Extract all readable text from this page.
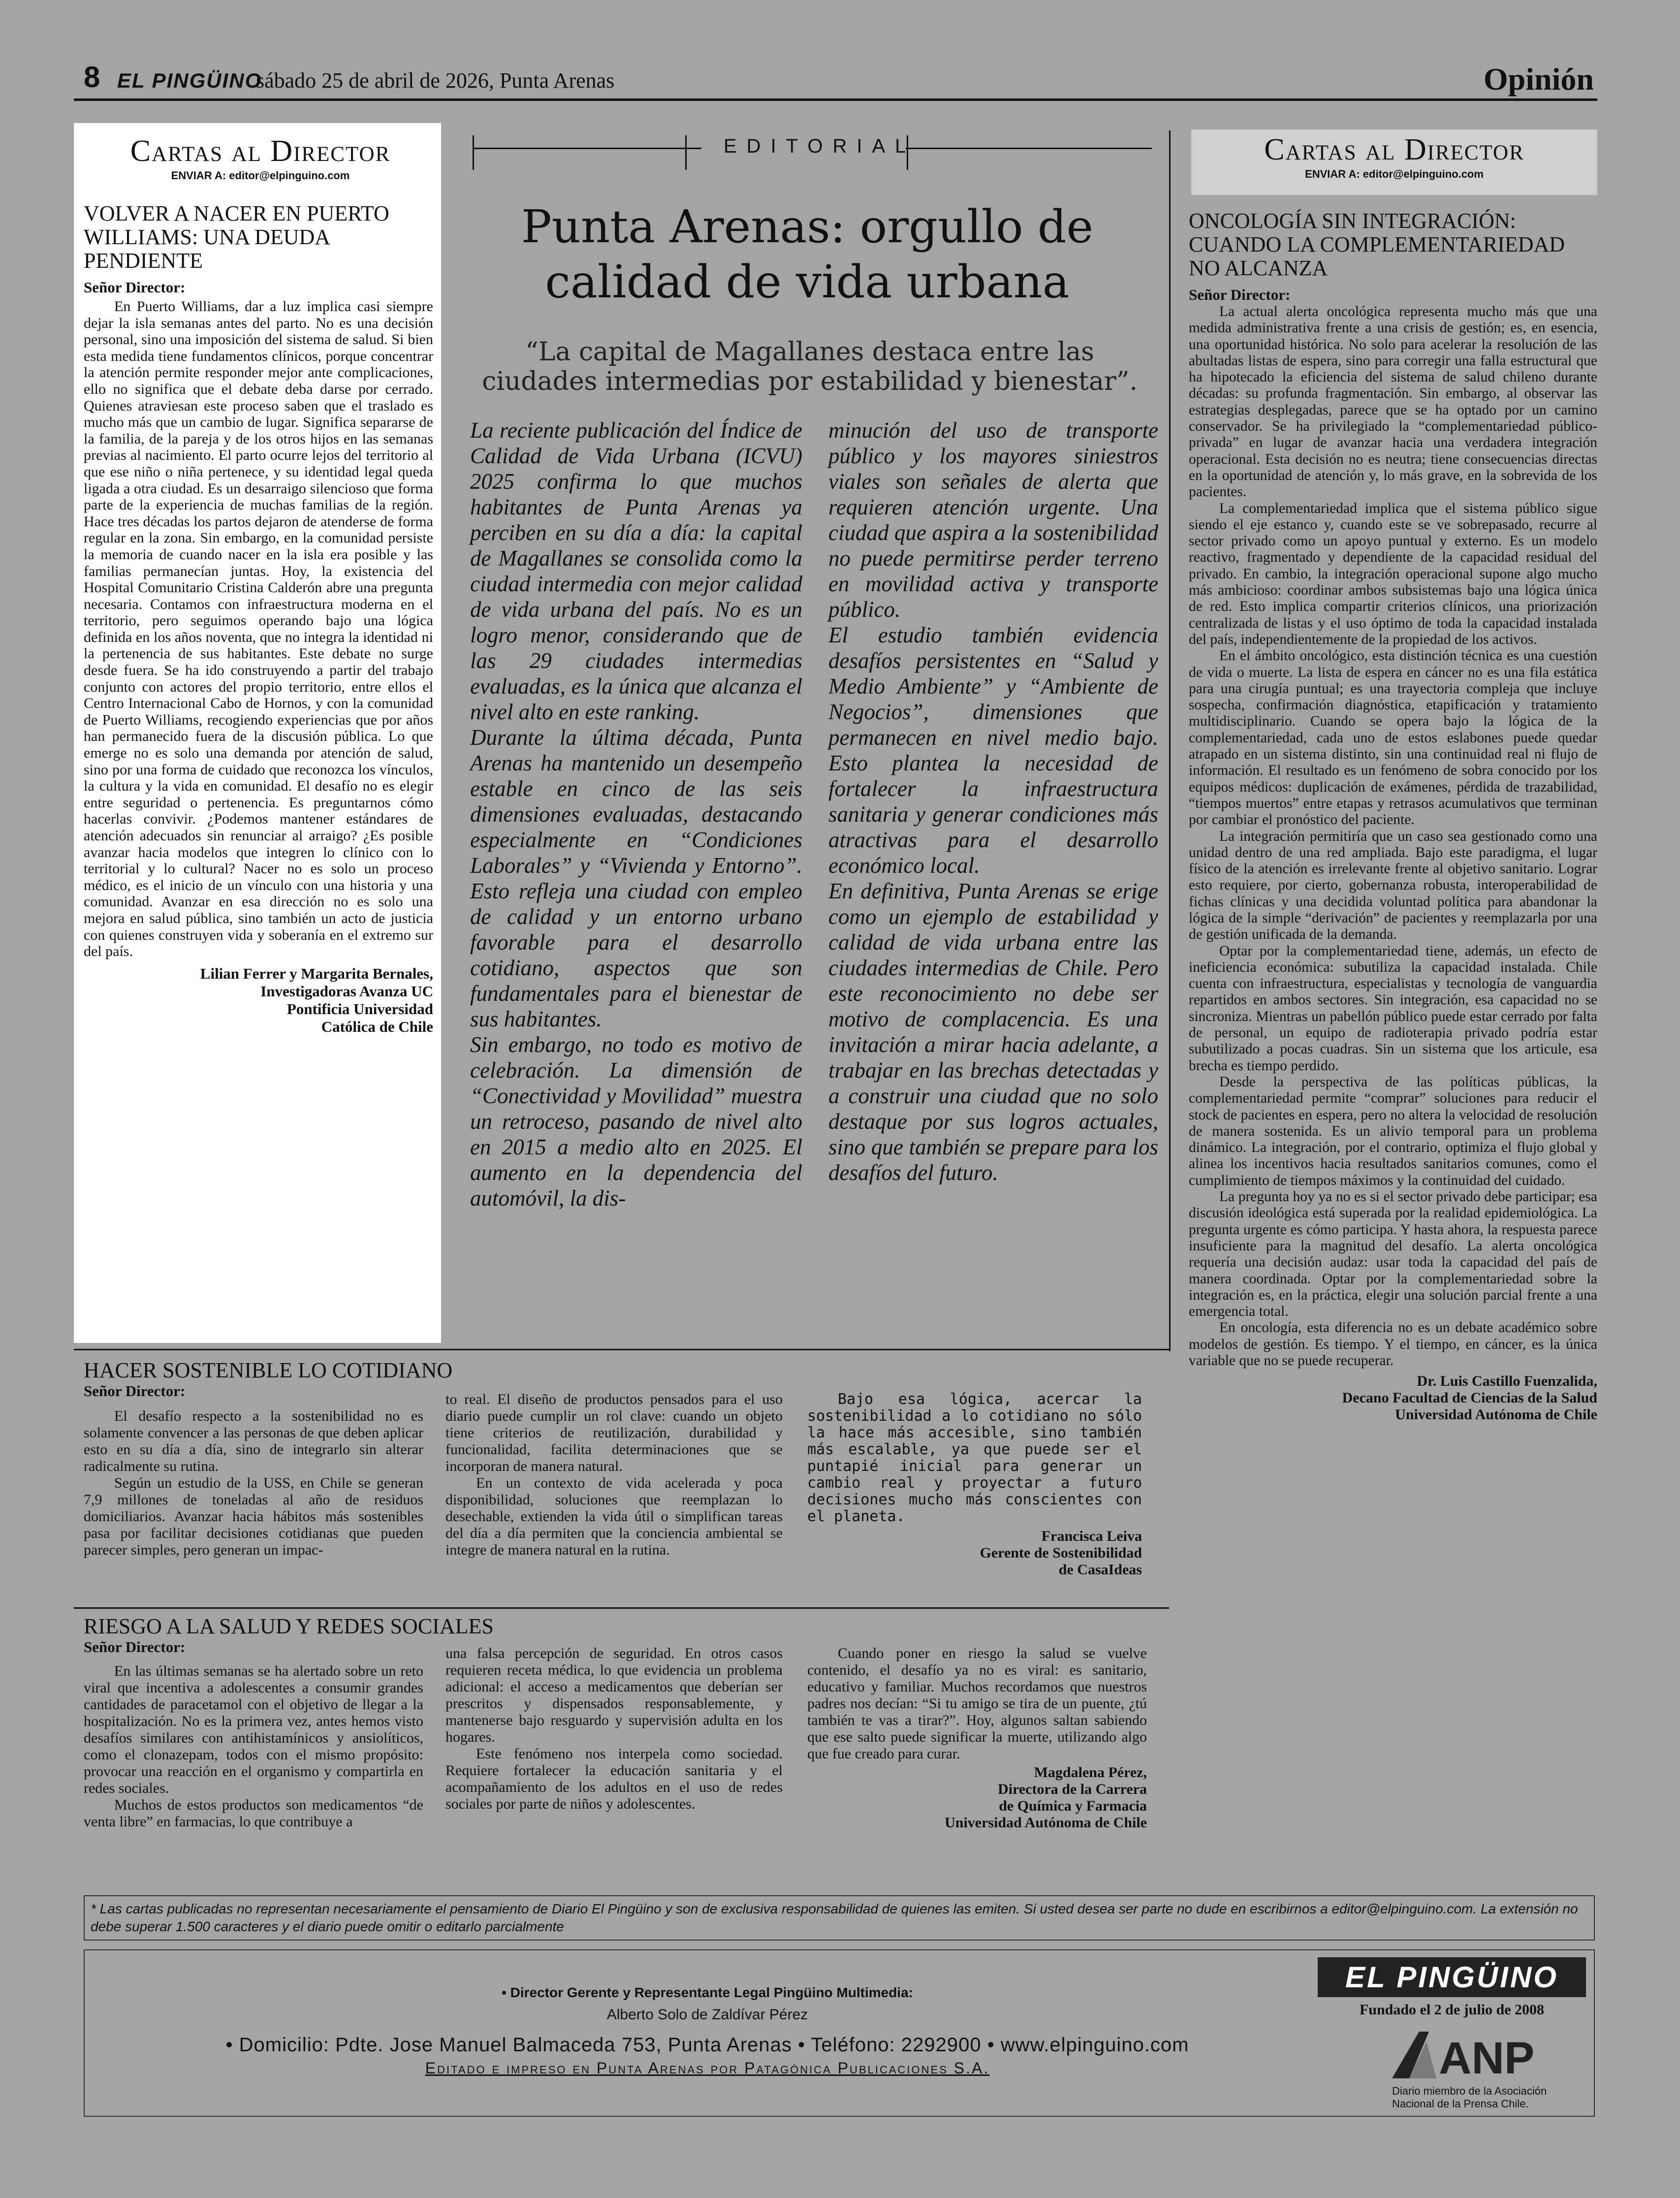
8 EL PINGÜINO
sábado 25 de abril de 2026, Punta Arenas	Opinión
Cartas al Director
ENVIAR A: editor@elpinguino.com
VOLVER A NACER EN PUERTO WILLIAMS: UNA DEUDA PENDIENTE
Señor Director:
En Puerto Williams, dar a luz implica casi siempre dejar la isla semanas antes del parto. No es una decisión personal, sino una imposición del sistema de salud. Si bien esta medida tiene fundamentos clínicos, porque concentrar la atención permite responder mejor ante complicaciones, ello no significa que el debate deba darse por cerrado. Quienes atraviesan este proceso saben que el traslado es mucho más que un cambio de lugar. Significa separarse de la familia, de la pareja y de los otros hijos en las semanas previas al nacimiento. El parto ocurre lejos del territorio al que ese niño o niña pertenece, y su identidad legal queda ligada a otra ciudad. Es un desarraigo silencioso que forma parte de la experiencia de muchas familias de la región. Hace tres décadas los partos dejaron de atenderse de forma regular en la zona. Sin embargo, en la comunidad persiste la memoria de cuando nacer en la isla era posible y las familias permanecían juntas. Hoy, la existencia del Hospital Comunitario Cristina Calderón abre una pregunta necesaria. Contamos con infraestructura moderna en el territorio, pero seguimos operando bajo una lógica definida en los años noventa, que no integra la identidad ni la pertenencia de sus habitantes. Este debate no surge desde fuera. Se ha ido construyendo a partir del trabajo conjunto con actores del propio territorio, entre ellos el Centro Internacional Cabo de Hornos, y con la comunidad de Puerto Williams, recogiendo experiencias que por años han permanecido fuera de la discusión pública. Lo que emerge no es solo una demanda por atención de salud, sino por una forma de cuidado que reconozca los vínculos, la cultura y la vida en comunidad. El desafío no es elegir entre seguridad o pertenencia. Es preguntarnos cómo hacerlas convivir. ¿Podemos mantener estándares de atención adecuados sin renunciar al arraigo? ¿Es posible avanzar hacia modelos que integren lo clínico con lo territorial y lo cultural? Nacer no es solo un proceso médico, es el inicio de un vínculo con una historia y una comunidad. Avanzar en esa dirección no es solo una mejora en salud pública, sino también un acto de justicia con quienes construyen vida y soberanía en el extremo sur del país.
Lilian Ferrer y Margarita Bernales,
Investigadoras Avanza UC
Pontificia Universidad
Católica de Chile
EDITORIAL
Punta Arenas: orgullo de calidad de vida urbana
“La capital de Magallanes destaca entre las ciudades intermedias por estabilidad y bienestar”.

La reciente publicación del Índice de Calidad de Vida Urbana (ICVU) 2025 confirma lo que muchos habitantes de Punta Arenas ya perciben en su día a día: la capital de Magallanes se consolida como la ciudad intermedia con mejor calidad de vida urbana del país. No es un logro menor, considerando que de las 29 ciudades intermedias evaluadas, es la única que alcanza el nivel alto en este ranking.

Durante la última década, Punta Arenas ha mantenido un desempeño estable en cinco de las seis dimensiones evaluadas, destacando especialmente en “Condiciones Laborales” y “Vivienda y Entorno”. Esto refleja una ciudad con empleo de calidad y un entorno urbano favorable para el desarrollo cotidiano, aspectos que son fundamentales para el bienestar de sus habitantes.

Sin embargo, no todo es motivo de celebración. La dimensión de “Conectividad y Movilidad” muestra un retroceso, pasando de nivel alto en 2015 a medio alto en 2025. El aumento en la dependencia del automóvil, la dis-

minución del uso de transporte público y los mayores siniestros viales son señales de alerta que requieren atención urgente. Una ciudad que aspira a la sostenibilidad no puede permitirse perder terreno en movilidad activa y transporte público.

El estudio también evidencia desafíos persistentes en “Salud y Medio Ambiente” y “Ambiente de Negocios”, dimensiones que permanecen en nivel medio bajo. Esto plantea la necesidad de fortalecer la infraestructura sanitaria y generar condiciones más atractivas para el desarrollo económico local.

En definitiva, Punta Arenas se erige como un ejemplo de estabilidad y calidad de vida urbana entre las ciudades intermedias de Chile. Pero este reconocimiento no debe ser motivo de complacencia. Es una invitación a mirar hacia adelante, a trabajar en las brechas detectadas y a construir una ciudad que no solo destaque por sus logros actuales, sino que también se prepare para los desafíos del futuro.

Cartas al Director
ENVIAR A: editor@elpinguino.com
ONCOLOGÍA SIN INTEGRACIÓN: CUANDO LA COMPLEMENTARIEDAD NO ALCANZA
Señor Director:

La actual alerta oncológica representa mucho más que una medida administrativa frente a una crisis de gestión; es, en esencia, una oportunidad histórica. No solo para acelerar la resolución de las abultadas listas de espera, sino para corregir una falla estructural que ha hipotecado la eficiencia del sistema de salud chileno durante décadas: su profunda fragmentación. Sin embargo, al observar las estrategias desplegadas, parece que se ha optado por un camino conservador. Se ha privilegiado la “complementariedad público-privada” en lugar de avanzar hacia una verdadera integración operacional. Esta decisión no es neutra; tiene consecuencias directas en la oportunidad de atención y, lo más grave, en la sobrevida de los pacientes.

La complementariedad implica que el sistema público sigue siendo el eje estanco y, cuando este se ve sobrepasado, recurre al sector privado como un apoyo puntual y externo. Es un modelo reactivo, fragmentado y dependiente de la capacidad residual del privado. En cambio, la integración operacional supone algo mucho más ambicioso: coordinar ambos subsistemas bajo una lógica única de red. Esto implica compartir criterios clínicos, una priorización centralizada de listas y el uso óptimo de toda la capacidad instalada del país, independientemente de la propiedad de los activos.

En el ámbito oncológico, esta distinción técnica es una cuestión de vida o muerte. La lista de espera en cáncer no es una fila estática para una cirugía puntual; es una trayectoria compleja que incluye sospecha, confirmación diagnóstica, etapificación y tratamiento multidisciplinario. Cuando se opera bajo la lógica de la complementariedad, cada uno de estos eslabones puede quedar atrapado en un sistema distinto, sin una continuidad real ni flujo de información. El resultado es un fenómeno de sobra conocido por los equipos médicos: duplicación de exámenes, pérdida de trazabilidad, “tiempos muertos” entre etapas y retrasos acumulativos que terminan por cambiar el pronóstico del paciente.

La integración permitiría que un caso sea gestionado como una unidad dentro de una red ampliada. Bajo este paradigma, el lugar físico de la atención es irrelevante frente al objetivo sanitario. Lograr esto requiere, por cierto, gobernanza robusta, interoperabilidad de fichas clínicas y una decidida voluntad política para abandonar la lógica de la simple “derivación” de pacientes y reemplazarla por una de gestión unificada de la demanda.

Optar por la complementariedad tiene, además, un efecto de ineficiencia económica: subutiliza la capacidad instalada. Chile cuenta con infraestructura, especialistas y tecnología de vanguardia repartidos en ambos sectores. Sin integración, esa capacidad no se sincroniza. Mientras un pabellón público puede estar cerrado por falta de personal, un equipo de radioterapia privado podría estar subutilizado a pocas cuadras. Sin un sistema que los articule, esa brecha es tiempo perdido.

Desde la perspectiva de las políticas públicas, la complementariedad permite “comprar” soluciones para reducir el stock de pacientes en espera, pero no altera la velocidad de resolución de manera sostenida. Es un alivio temporal para un problema dinámico. La integración, por el contrario, optimiza el flujo global y alinea los incentivos hacia resultados sanitarios comunes, como el cumplimiento de tiempos máximos y la continuidad del cuidado.

La pregunta hoy ya no es si el sector privado debe participar; esa discusión ideológica está superada por la realidad epidemiológica. La pregunta urgente es cómo participa. Y hasta ahora, la respuesta parece insuficiente para la magnitud del desafío. La alerta oncológica requería una decisión audaz: usar toda la capacidad del país de manera coordinada. Optar por la complementariedad sobre la integración es, en la práctica, elegir una solución parcial frente a una emergencia total.

En oncología, esta diferencia no es un debate académico sobre modelos de gestión. Es tiempo. Y el tiempo, en cáncer, es la única variable que no se puede recuperar.

Dr. Luis Castillo Fuenzalida,
Decano Facultad de Ciencias de la Salud
Universidad Autónoma de Chile
HACER SOSTENIBLE LO COTIDIANO
Señor Director:

El desafío respecto a la sostenibilidad no es solamente convencer a las personas de que deben aplicar esto en su día a día, sino de integrarlo sin alterar radicalmente su rutina.

Según un estudio de la USS, en Chile se generan 7,9 millones de toneladas al año de residuos domiciliarios. Avanzar hacia hábitos más sostenibles pasa por facilitar decisiones cotidianas que pueden parecer simples, pero generan un impac-

to real. El diseño de productos pensados para el uso diario puede cumplir un rol clave: cuando un objeto tiene criterios de reutilización, durabilidad y funcionalidad, facilita determinaciones que se incorporan de manera natural.

En un contexto de vida acelerada y poca disponibilidad, soluciones que reemplazan lo desechable, extienden la vida útil o simplifican tareas del día a día permiten que la conciencia ambiental se integre de manera natural en la rutina.

Bajo esa lógica, acercar la sostenibilidad a lo cotidiano no sólo la hace más accesible, sino también más escalable, ya que puede ser el puntapié inicial para generar un cambio real y proyectar a futuro decisiones mucho más conscientes con el planeta.

Francisca Leiva
Gerente de Sostenibilidad
de CasaIdeas
RIESGO A LA SALUD Y REDES SOCIALES
Señor Director:

En las últimas semanas se ha alertado sobre un reto viral que incentiva a adolescentes a consumir grandes cantidades de paracetamol con el objetivo de llegar a la hospitalización. No es la primera vez, antes hemos visto desafíos similares con antihistamínicos y ansiolíticos, como el clonazepam, todos con el mismo propósito: provocar una reacción en el organismo y compartirla en redes sociales.

Muchos de estos productos son medicamentos “de venta libre” en farmacias, lo que contribuye a

una falsa percepción de seguridad. En otros casos requieren receta médica, lo que evidencia un problema adicional: el acceso a medicamentos que deberían ser prescritos y dispensados responsablemente, y mantenerse bajo resguardo y supervisión adulta en los hogares.

Este fenómeno nos interpela como sociedad. Requiere fortalecer la educación sanitaria y el acompañamiento de los adultos en el uso de redes sociales por parte de niños y adolescentes.

Cuando poner en riesgo la salud se vuelve contenido, el desafío ya no es viral: es sanitario, educativo y familiar. Muchos recordamos que nuestros padres nos decían: “Si tu amigo se tira de un puente, ¿tú también te vas a tirar?”. Hoy, algunos saltan sabiendo que ese salto puede significar la muerte, utilizando algo que fue creado para curar.

Magdalena Pérez,
Directora de la Carrera
de Química y Farmacia
Universidad Autónoma de Chile
* Las cartas publicadas no representan necesariamente el pensamiento de Diario El Pingüino y son de exclusiva responsabilidad de quienes las emiten. Si usted desea ser parte no dude en escribirnos a editor@elpinguino.com. La extensión no debe superar 1.500 caracteres y el diario puede omitir o editarlo parcialmente
• Director Gerente y Representante Legal Pingüino Multimedia:
Alberto Solo de Zaldívar Pérez
• Domicilio: Pdte. Jose Manuel Balmaceda 753, Punta Arenas • Teléfono: 2292900 • www.elpinguino.com
Editado e impreso en Punta Arenas por Patagónica Publicaciones S.A.
EL PINGÜINO
Fundado el 2 de julio de 2008
ANP
Diario miembro de la Asociación Nacional de la Prensa Chile.
